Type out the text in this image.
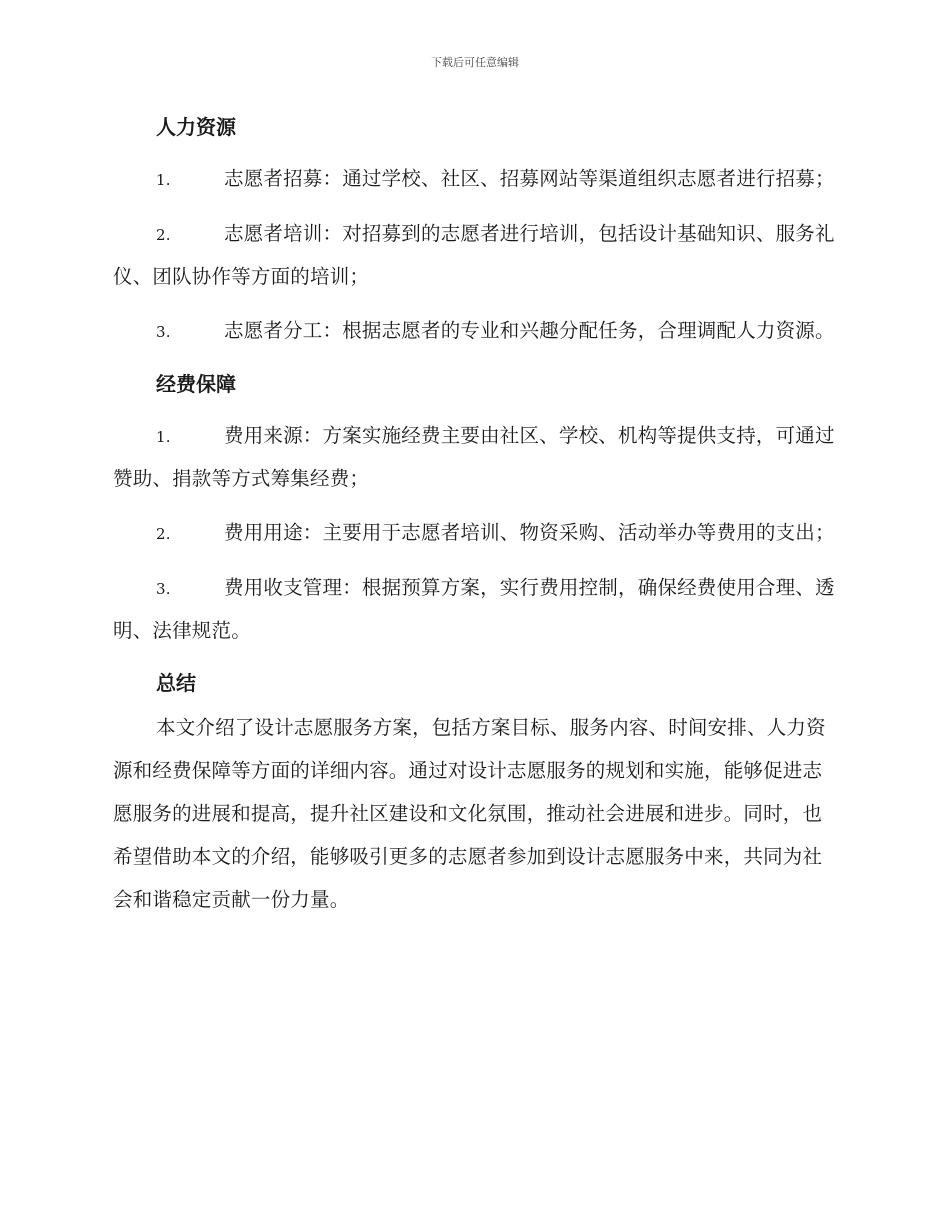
下载后可任意编辑
人力资源

1.	志愿者招募：通过学校、社区、招募网站等渠道组织志愿者进行招募；

2.	志愿者培训：对招募到的志愿者进行培训，包括设计基础知识、服务礼仪、团队协作等方面的培训；

3.	志愿者分工：根据志愿者的专业和兴趣分配任务，合理调配人力资源。

经费保障

1.	费用来源：方案实施经费主要由社区、学校、机构等提供支持，可通过赞助、捐款等方式筹集经费；

2.	费用用途：主要用于志愿者培训、物资采购、活动举办等费用的支出；

3.	费用收支管理：根据预算方案，实行费用控制，确保经费使用合理、透明、法律规范。

总结

本文介绍了设计志愿服务方案，包括方案目标、服务内容、时间安排、人力资源和经费保障等方面的详细内容。通过对设计志愿服务的规划和实施，能够促进志愿服务的进展和提高，提升社区建设和文化氛围，推动社会进展和进步。同时，也希望借助本文的介绍，能够吸引更多的志愿者参加到设计志愿服务中来，共同为社会和谐稳定贡献一份力量。
